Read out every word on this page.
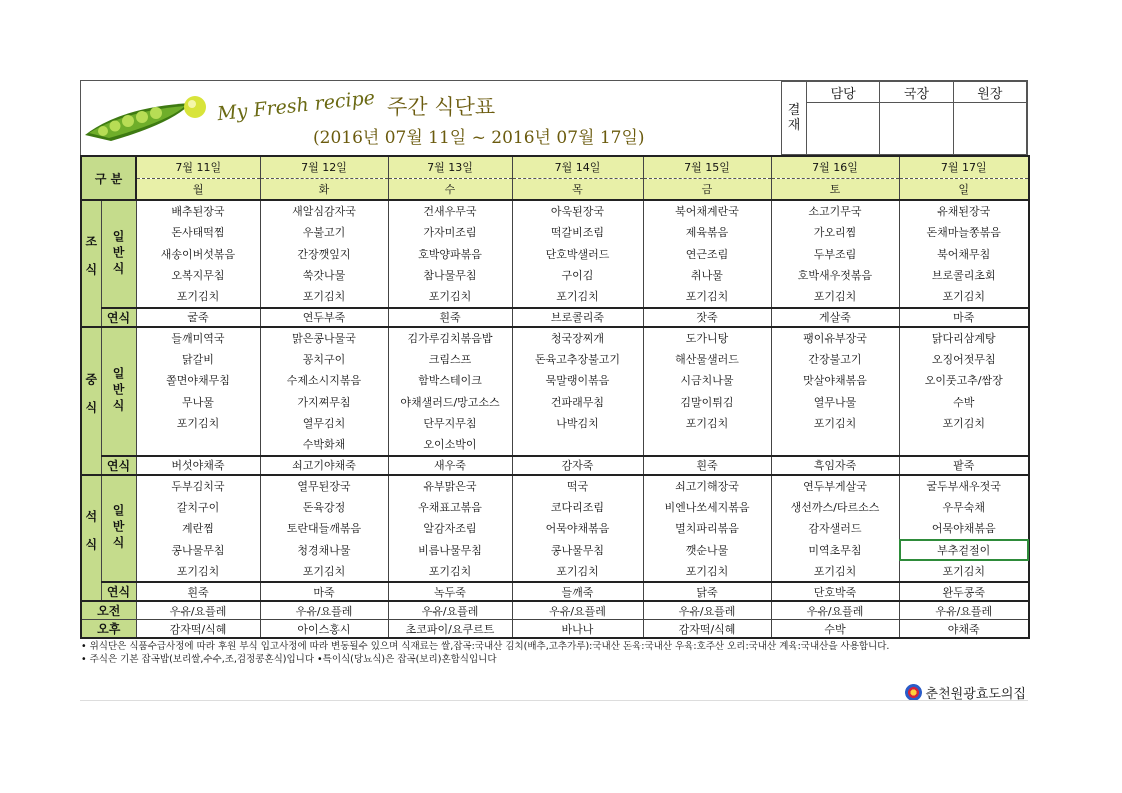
My Fresh recipe 주간 식단표
(2016년 07월 11일 ~ 2016년 07월 17일)
결재	담당	국장	원장

구 분		7월 11일	7월 12일	7월 13일	7월 14일	7월 15일	7월 16일	7월 17일
		월	화	수	목	금	토	일
조식	일반식	배추된장국	새알심감자국	건새우무국	아욱된장국	북어채계란국	소고기무국	유채된장국
		돈사태떡찜	우불고기	가자미조림	떡갈비조림	제육볶음	가오리찜	돈채마늘쫑볶음
		새송이버섯볶음	간장깻잎지	호박양파볶음	단호박샐러드	연근조림	두부조림	북어채무침
		오복지무침	쑥갓나물	참나물무침	구이김	취나물	호박새우젓볶음	브로콜리초회
		포기김치	포기김치	포기김치	포기김치	포기김치	포기김치	포기김치
	연식	굴죽	연두부죽	흰죽	브로콜리죽	잣죽	게살죽	마죽
중식	일반식	들깨미역국	맑은콩나물국	김가루김치볶음밥	청국장찌개	도가니탕	팽이유부장국	닭다리삼계탕
		닭갈비	꽁치구이	크림스프	돈육고추장불고기	해산물샐러드	간장불고기	오징어젓무침
		쫄면야채무침	수제소시지볶음	함박스테이크	묵말랭이볶음	시금치나물	맛살야채볶음	오이풋고추/쌈장
		무나물	가지쪄무침	야채샐러드/망고소스	건파래무침	김말이튀김	열무나물	수박
		포기김치	열무김치	단무지무침	나박김치	포기김치	포기김치	포기김치
			수박화채	오이소박이				
	연식	버섯야채죽	쇠고기야채죽	새우죽	감자죽	흰죽	흑임자죽	팥죽
석식	일반식	두부김치국	열무된장국	유부맑은국	떡국	쇠고기해장국	연두부게살국	굴두부새우젓국
		갈치구이	돈육강정	우채표고볶음	코다리조림	비엔나쏘세지볶음	생선까스/타르소스	우무숙채
		계란찜	토란대들깨볶음	알감자조림	어묵야채볶음	멸치파리볶음	감자샐러드	어묵야채볶음
		콩나물무침	청경채나물	비름나물무침	콩나물무침	깻순나물	미역초무침	부추겉절이
		포기김치	포기김치	포기김치	포기김치	포기김치	포기김치	포기김치
	연식	흰죽	마죽	녹두죽	들깨죽	닭죽	단호박죽	완두콩죽
오전		우유/요플레	우유/요플레	우유/요플레	우유/요플레	우유/요플레	우유/요플레	우유/요플레
오후		감자떡/식혜	아이스홍시	초코파이/요쿠르트	바나나	감자떡/식혜	수박	야채죽
• 위식단은 식품수급사정에 따라 후원 부식 입고사정에 따라 변동될수 있으며 식재료는 쌀,잡곡:국내산 김치(배추,고추가루):국내산 돈육:국내산 우육:호주산 오리:국내산 계육:국내산을 사용합니다.
• 주식은 기본 잡곡밥(보리쌀,수수,조,검정콩혼식)입니다 •특이식(당뇨식)은 잡곡(보리)혼합식입니다
춘천원광효도의집
